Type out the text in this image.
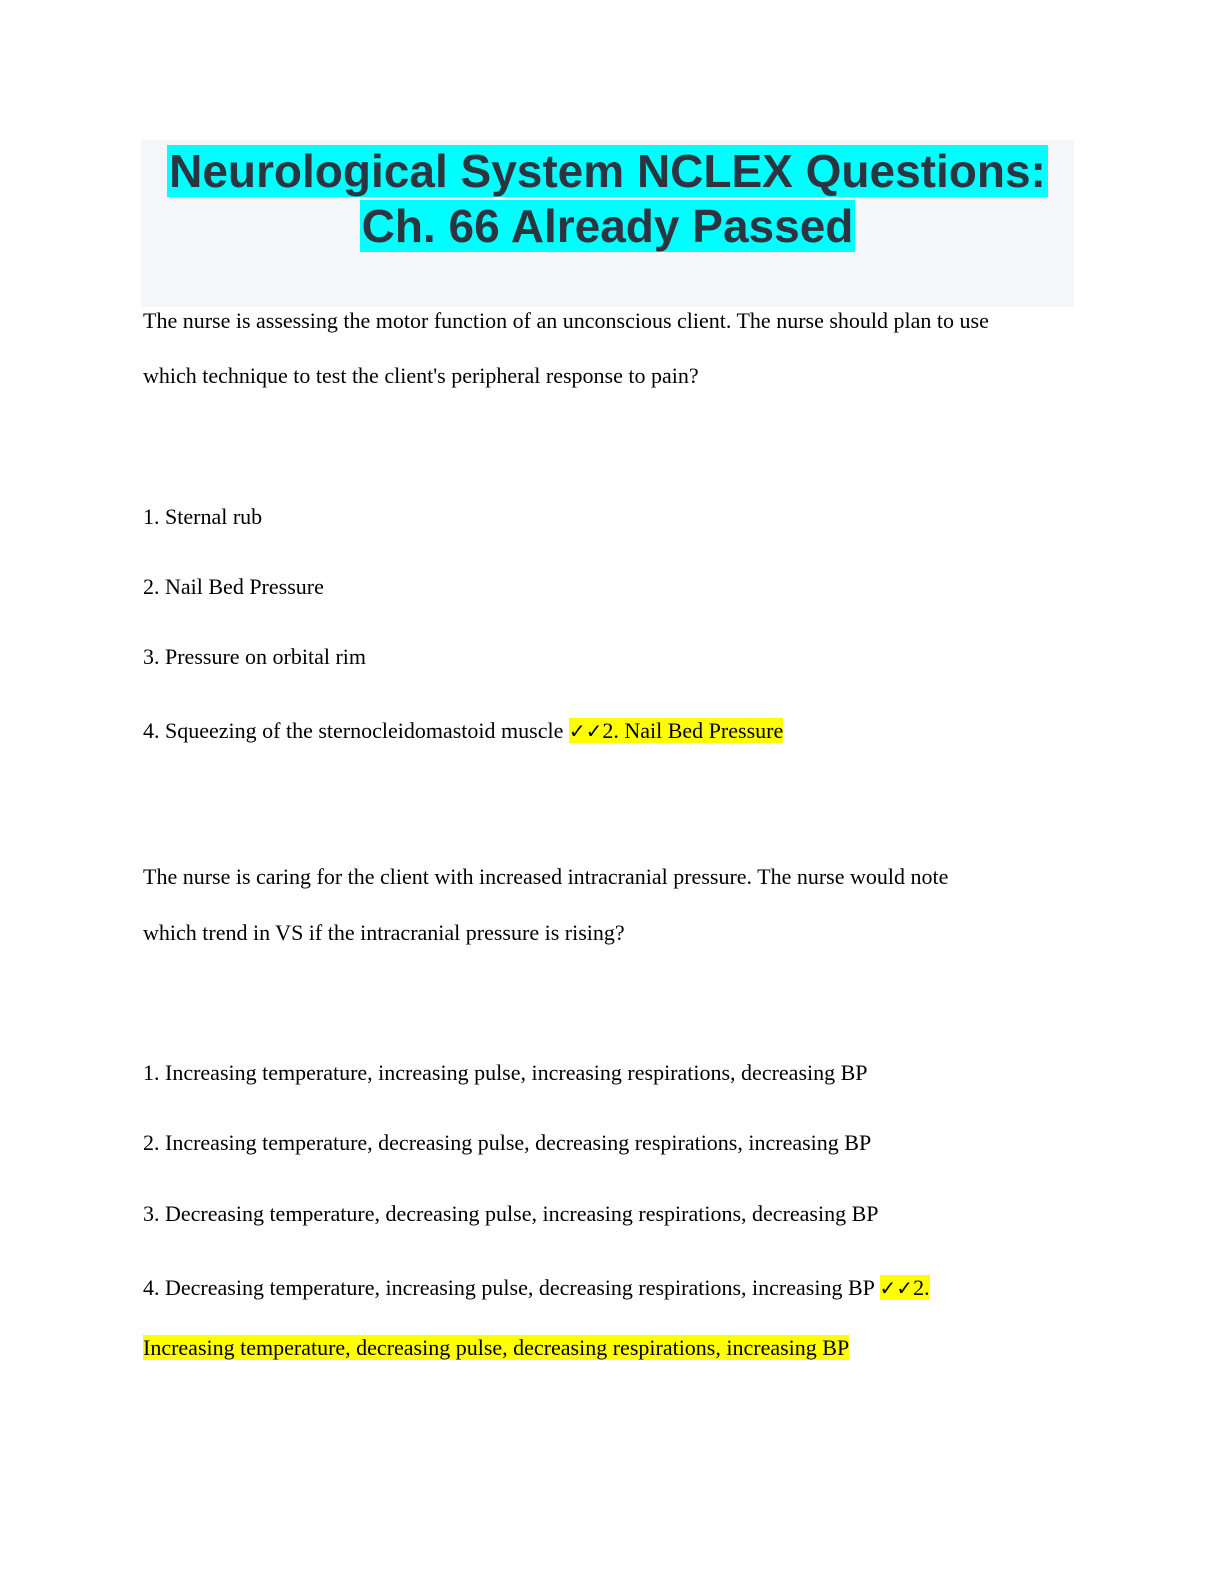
Neurological System NCLEX Questions:
Ch. 66 Already Passed
The nurse is assessing the motor function of an unconscious client. The nurse should plan to use
which technique to test the client's peripheral response to pain?
1. Sternal rub
2. Nail Bed Pressure
3. Pressure on orbital rim
4. Squeezing of the sternocleidomastoid muscle ✓✓2. Nail Bed Pressure
The nurse is caring for the client with increased intracranial pressure. The nurse would note
which trend in VS if the intracranial pressure is rising?
1. Increasing temperature, increasing pulse, increasing respirations, decreasing BP
2. Increasing temperature, decreasing pulse, decreasing respirations, increasing BP
3. Decreasing temperature, decreasing pulse, increasing respirations, decreasing BP
4. Decreasing temperature, increasing pulse, decreasing respirations, increasing BP ✓✓2.
Increasing temperature, decreasing pulse, decreasing respirations, increasing BP
